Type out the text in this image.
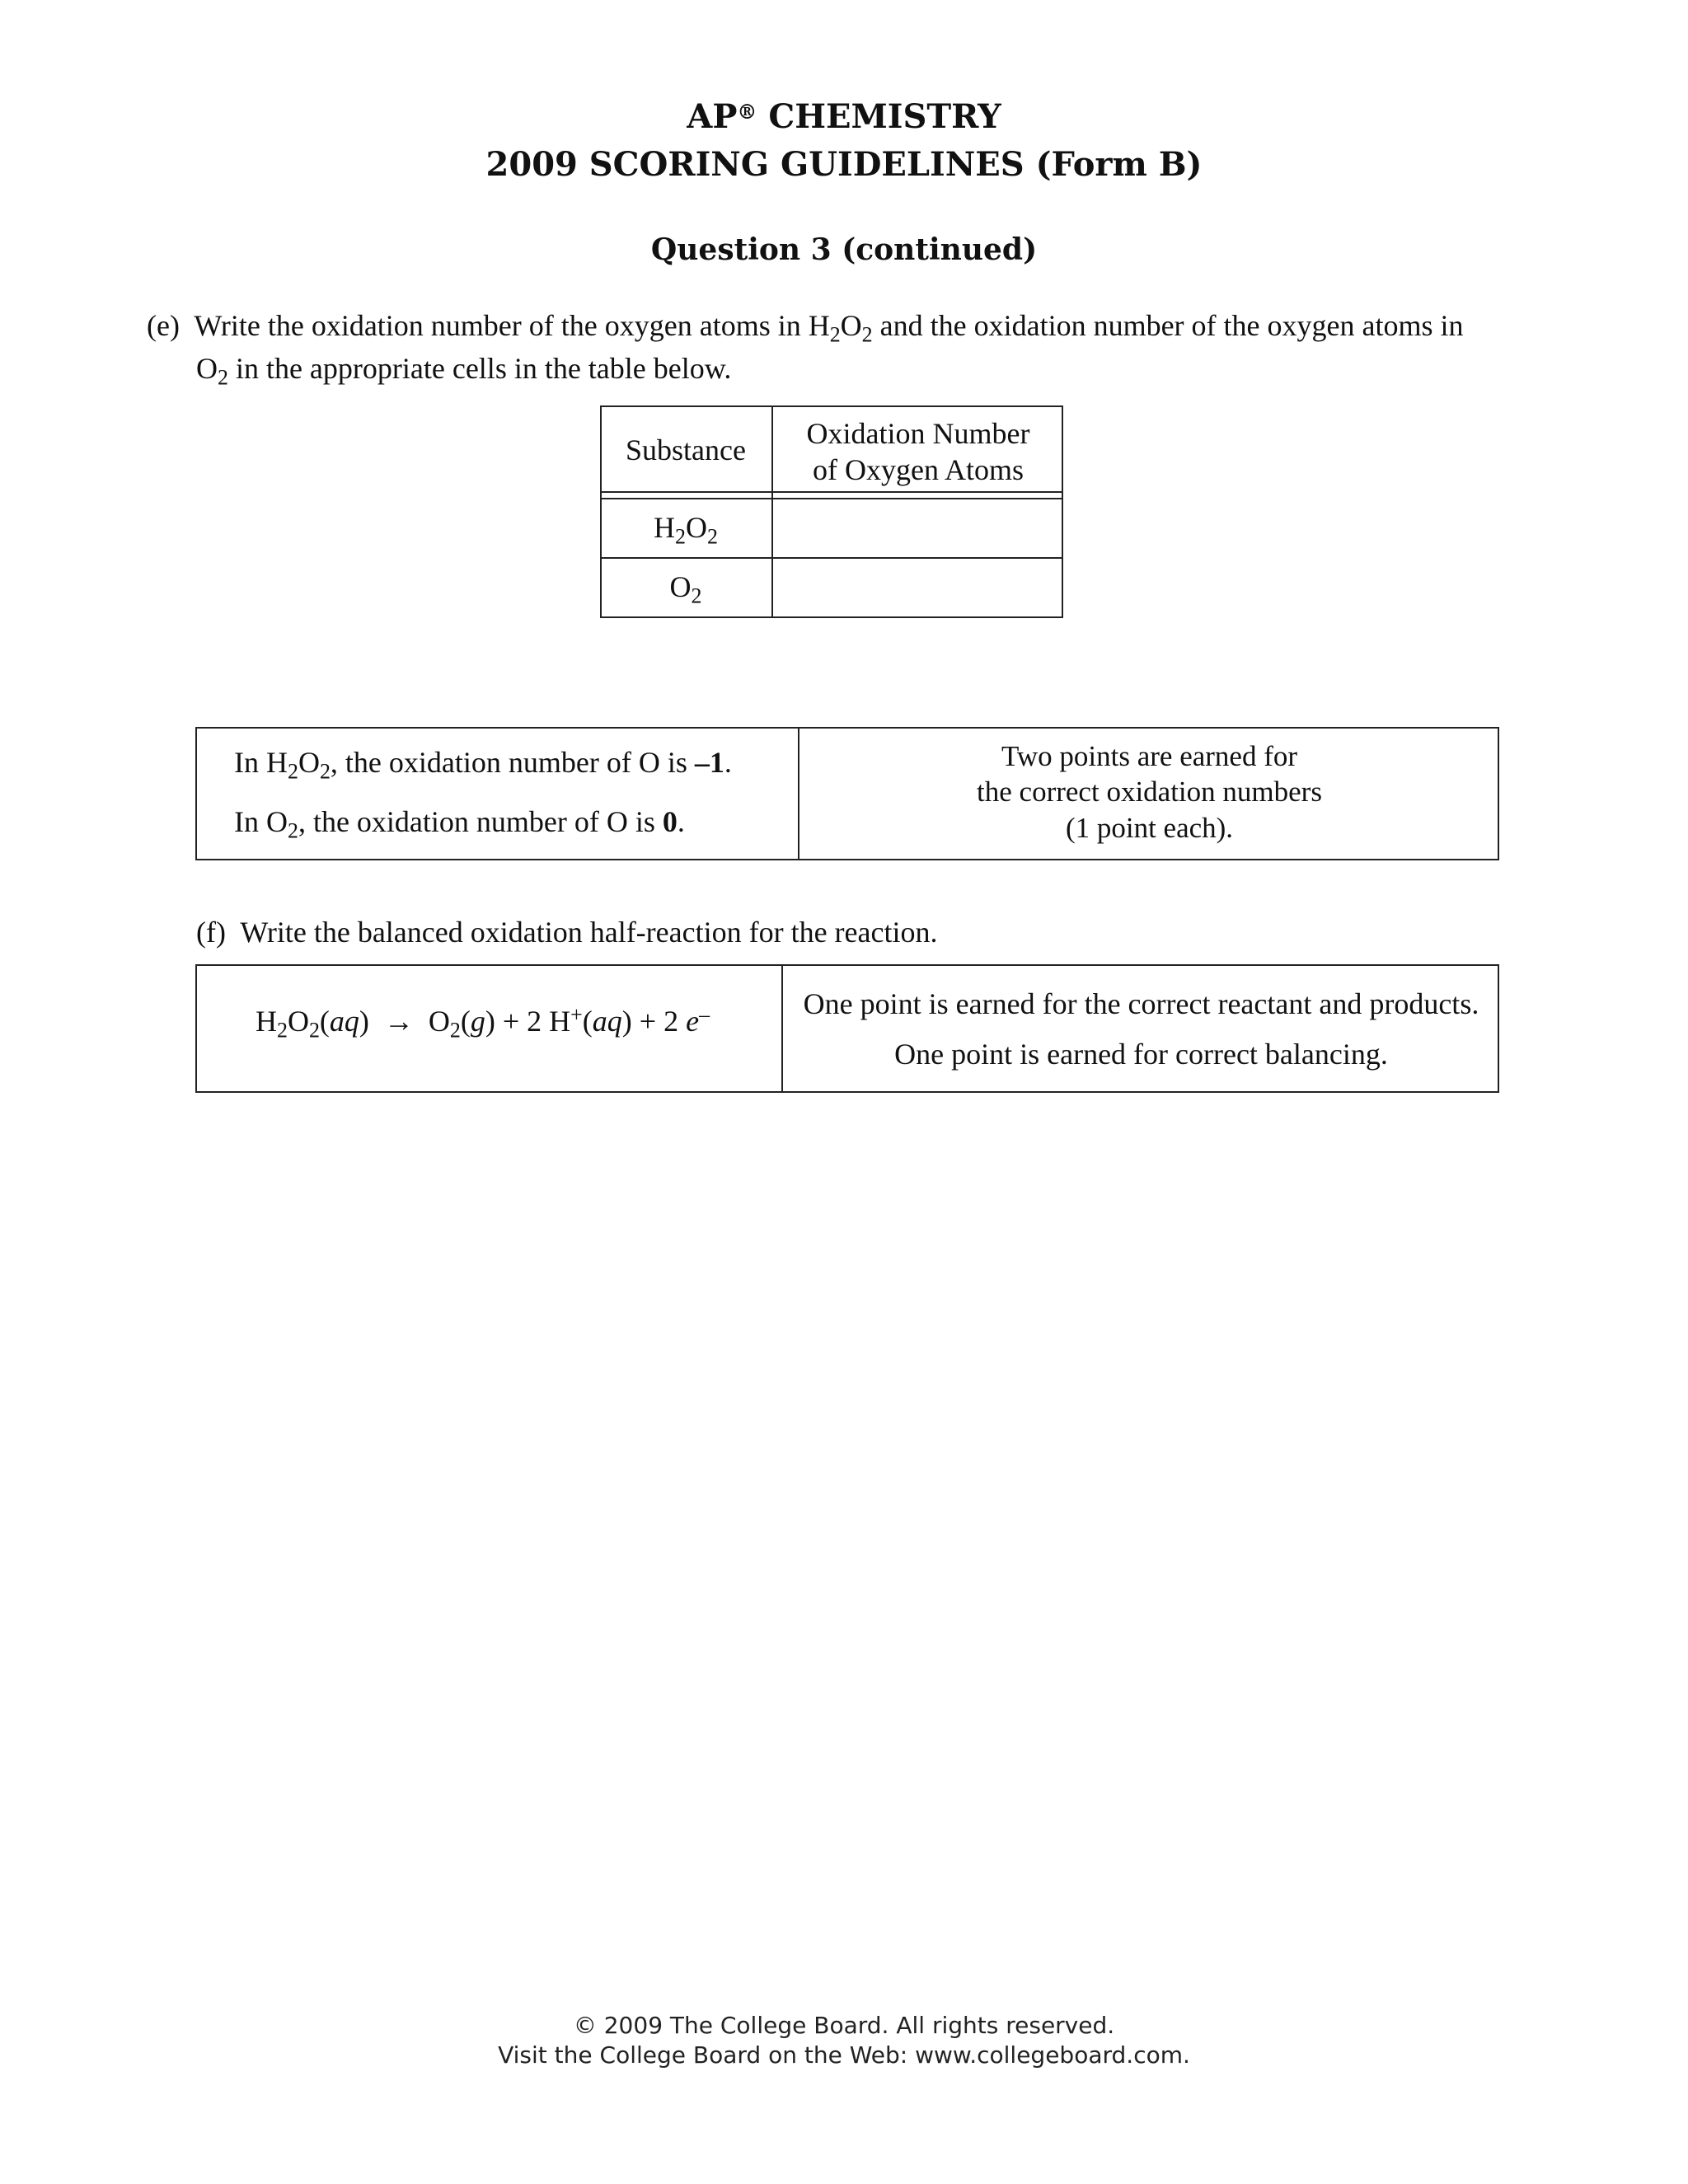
AP® CHEMISTRY
2009 SCORING GUIDELINES (Form B)
Question 3 (continued)
(e) Write the oxidation number of the oxygen atoms in $H_2O_2$ and the oxidation number of the oxygen atoms in
$O_2$ in the appropriate cells in the table below.
Substance	Oxidation Number
of Oxygen Atoms
$H_2O_2$
$O_2$
In $H_2O_2$, the oxidation number of O is –1.
In $O_2$, the oxidation number of O is 0.
Two points are earned for
the correct oxidation numbers
(1 point each).
(f) Write the balanced oxidation half-reaction for the reaction.
$H_2O_2(aq) \to O_2(g) + 2$ H+(aq) + 2 e–	One point is earned for the correct reactant and products.
One point is earned for correct balancing.
© 2009 The College Board. All rights reserved.
Visit the College Board on the Web: www.collegeboard.com.
